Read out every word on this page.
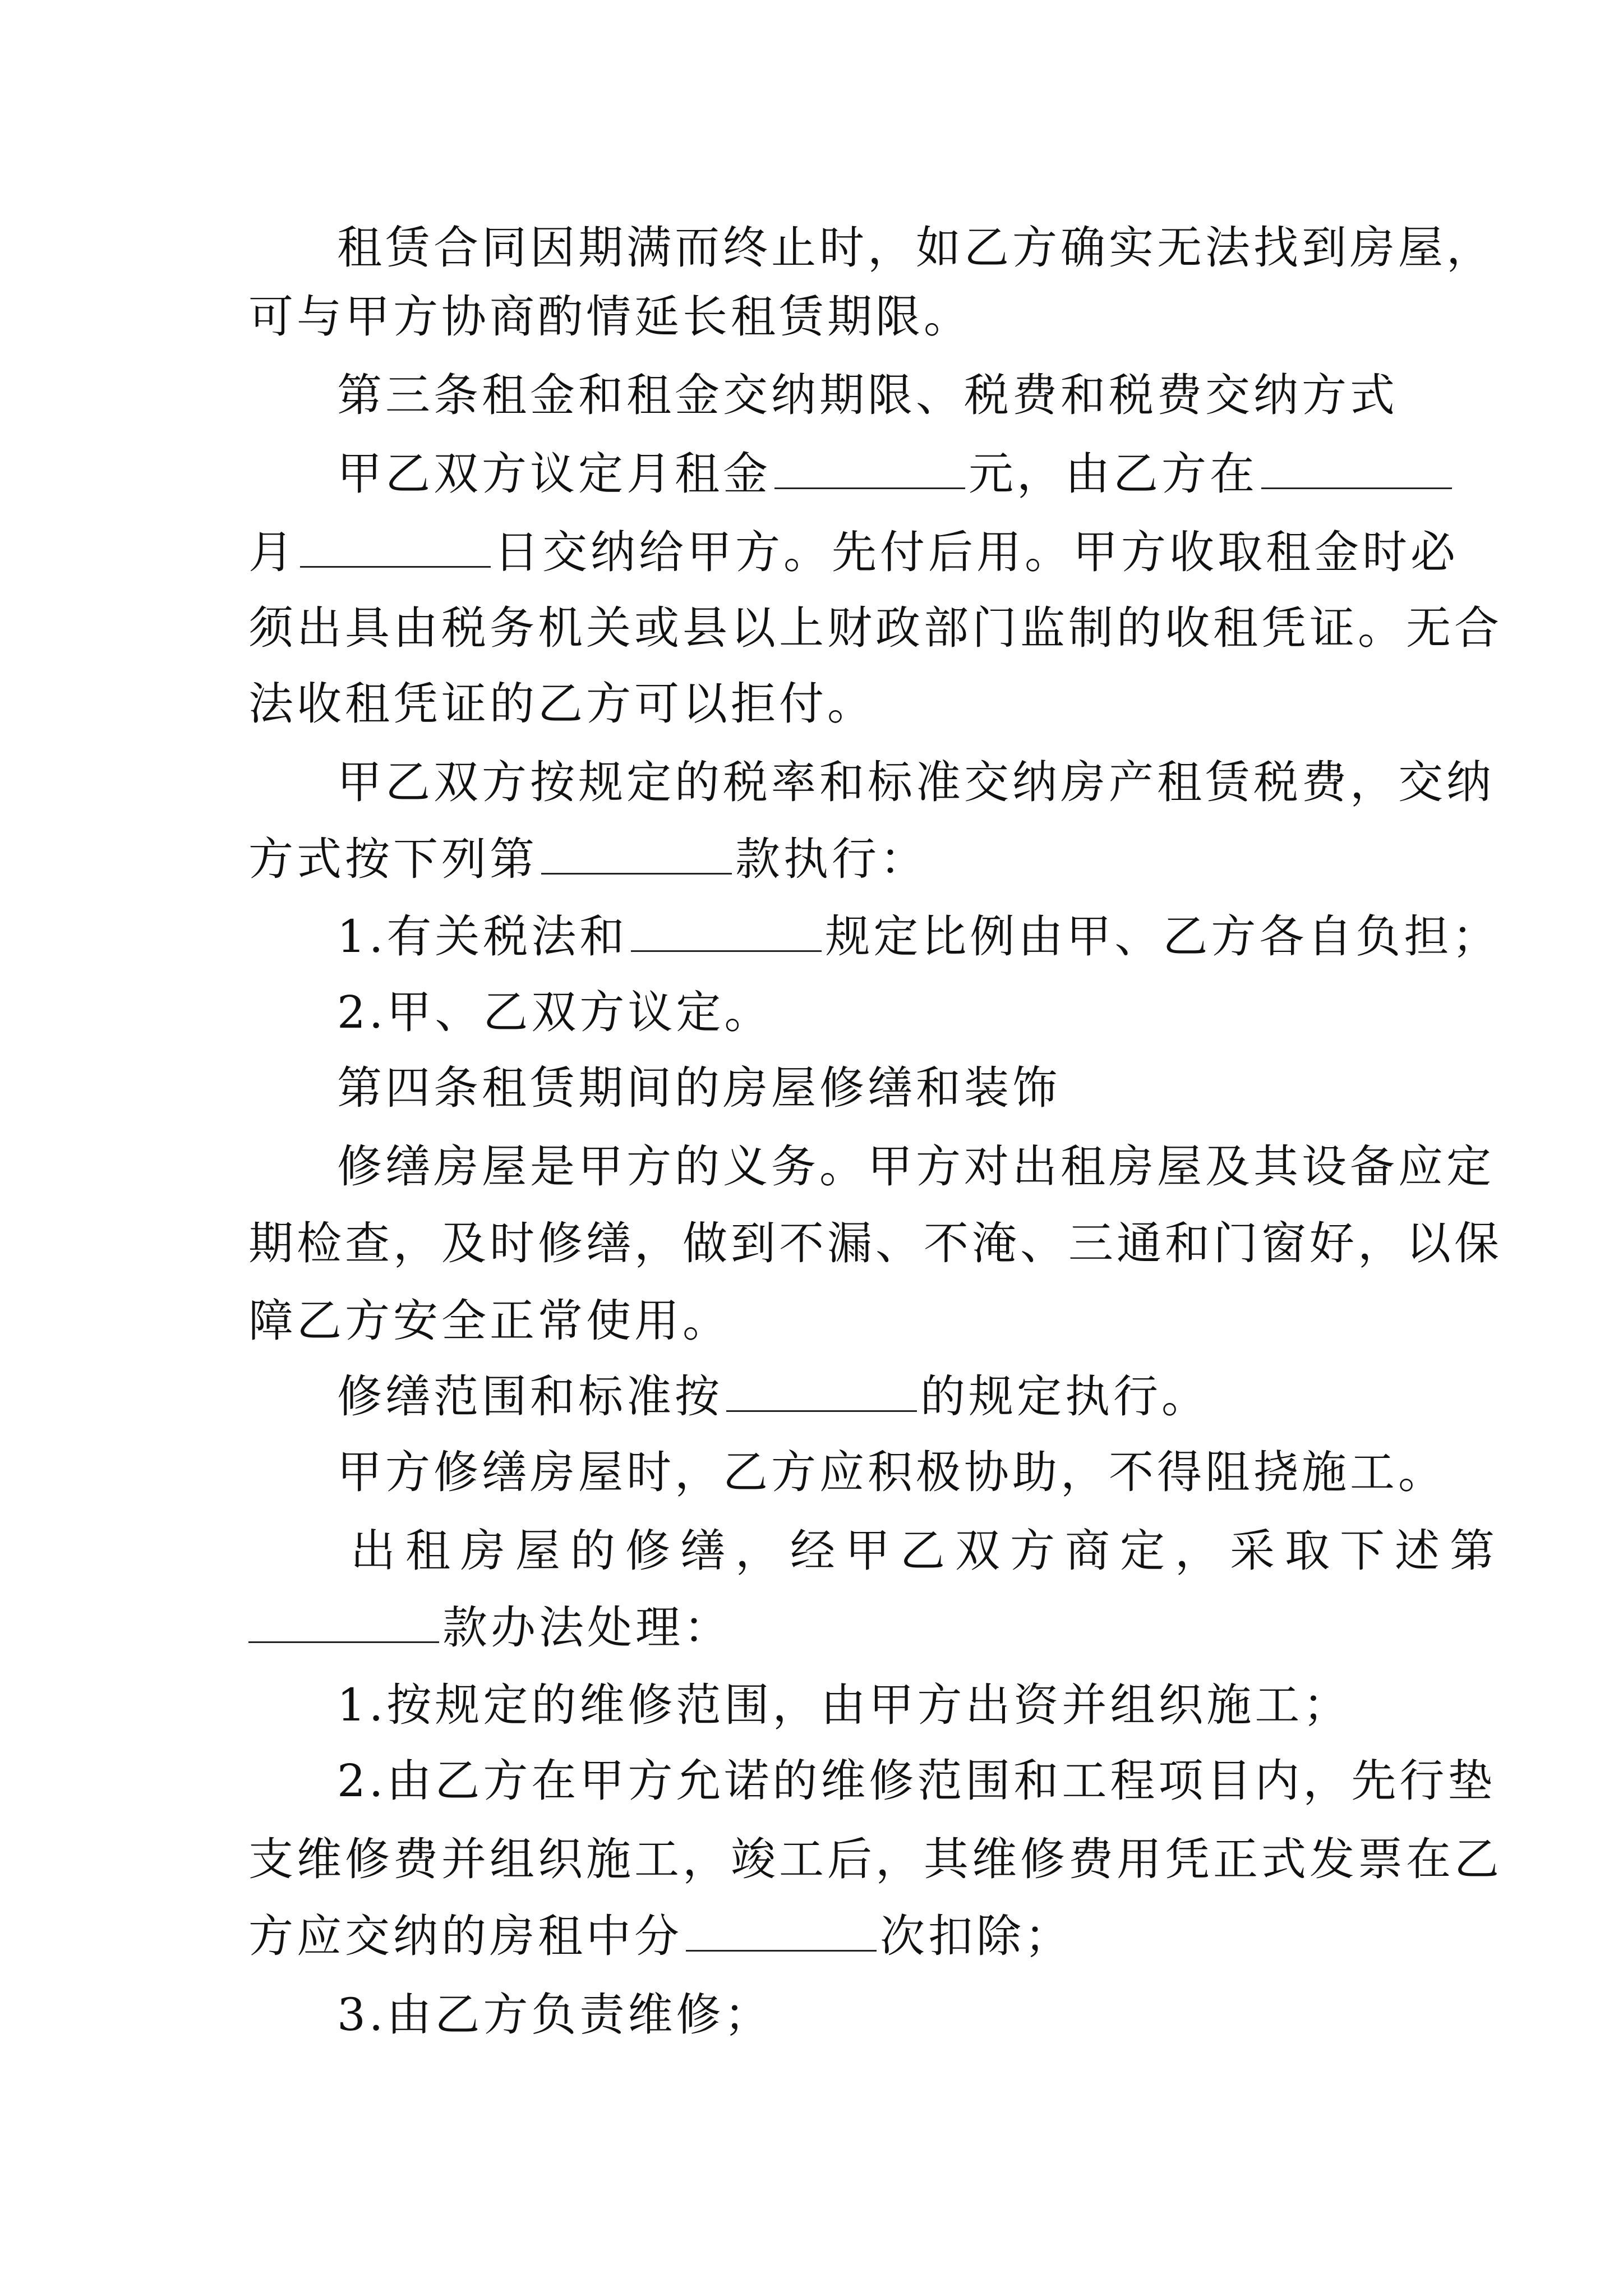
租赁合同因期满而终止时，如乙方确实无法找到房屋，
可与甲方协商酌情延长租赁期限。
第三条租金和租金交纳期限、税费和税费交纳方式
甲乙双方议定月租金	元，由乙方在
月	日交纳给甲方。先付后用。甲方收取租金时必
须出具由税务机关或县以上财政部门监制的收租凭证。无合
法收租凭证的乙方可以拒付。
甲乙双方按规定的税率和标准交纳房产租赁税费，交纳
方式按下列第	款执行：
1.有关税法和	规定比例由甲、乙方各自负担；
2.甲、乙双方议定。
第四条租赁期间的房屋修缮和装饰
修缮房屋是甲方的义务。甲方对出租房屋及其设备应定
期检查，及时修缮，做到不漏、不淹、三通和门窗好，以保
障乙方安全正常使用。
修缮范围和标准按	的规定执行。
甲方修缮房屋时，乙方应积极协助，不得阻挠施工。
出租房屋的修缮，经甲乙双方商定，采取下述第
款办法处理：
1.按规定的维修范围，由甲方出资并组织施工；
2.由乙方在甲方允诺的维修范围和工程项目内，先行垫
支维修费并组织施工，竣工后，其维修费用凭正式发票在乙
方应交纳的房租中分	次扣除；
3.由乙方负责维修；
